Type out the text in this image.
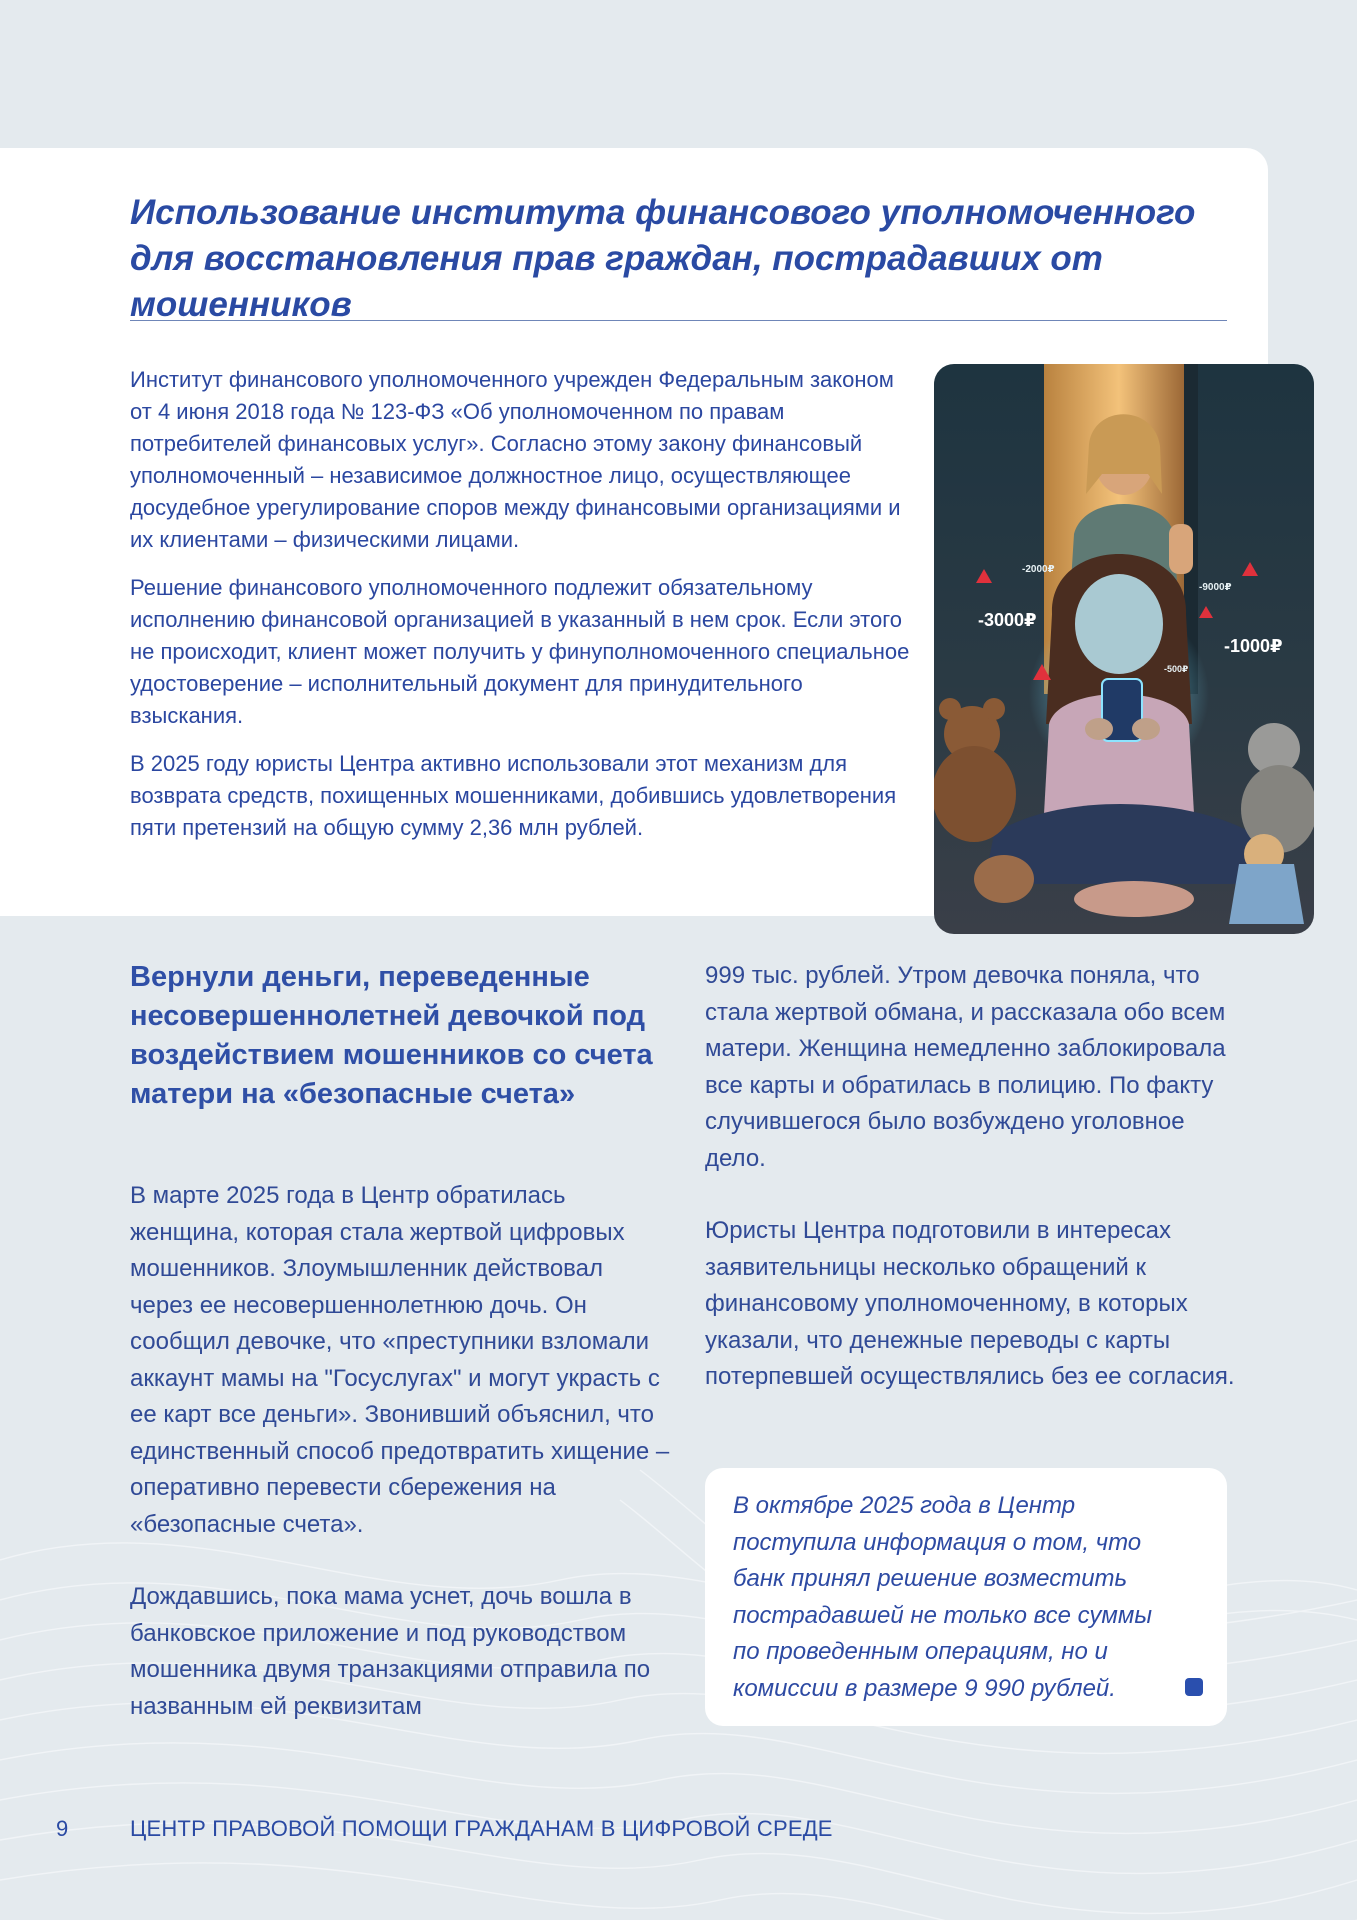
Использование института финансового уполномоченного для восстановления прав граждан, пострадавших от мошенников

Институт финансового уполномоченного учрежден Федеральным законом от 4 июня 2018 года № 123-ФЗ «Об уполномоченном по правам потребителей финансовых услуг». Согласно этому закону финансовый уполномоченный – независимое должностное лицо, осуществляющее досудебное урегулирование споров между финансовыми организациями и их клиентами – физическими лицами.

Решение финансового уполномоченного подлежит обязательному исполнению финансовой организацией в указанный в нем срок. Если этого не происходит, клиент может получить у финуполномоченного специальное удостоверение – исполнительный документ для принудительного взыскания.

В 2025 году юристы Центра активно использовали этот механизм для возврата средств, похищенных мошенниками, добившись удовлетворения пяти претензий на общую сумму 2,36 млн рублей.

-2000₽
-9000₽
-3000₽
-1000₽
-500₽
Вернули деньги, переведенные несовершеннолетней девочкой под воздействием мошенников со счета матери на «безопасные счета»

В марте 2025 года в Центр обратилась женщина, которая стала жертвой цифровых мошенников. Злоумышленник действовал через ее несовершеннолетнюю дочь. Он сообщил девочке, что «преступники взломали аккаунт мамы на "Госуслугах" и могут украсть с ее карт все деньги». Звонивший объяснил, что единственный способ предотвратить хищение – оперативно перевести сбережения на «безопасные счета».

Дождавшись, пока мама уснет, дочь вошла в банковское приложение и под руководством мошенника двумя транзакциями отправила по названным ей реквизитам

999 тыс. рублей. Утром девочка поняла, что стала жертвой обмана, и рассказала обо всем матери. Женщина немедленно заблокировала все карты и обратилась в полицию. По факту случившегося было возбуждено уголовное дело.

Юристы Центра подготовили в интересах заявительницы несколько обращений к финансовому уполномоченному, в которых указали, что денежные переводы с карты потерпевшей осуществлялись без ее согласия.

В октябре 2025 года в Центр поступила информация о том, что банк принял решение возместить пострадавшей не только все суммы по проведенным операциям, но и комиссии в размере 9 990 рублей.

9	ЦЕНТР ПРАВОВОЙ ПОМОЩИ ГРАЖДАНАМ В ЦИФРОВОЙ СРЕДЕ
